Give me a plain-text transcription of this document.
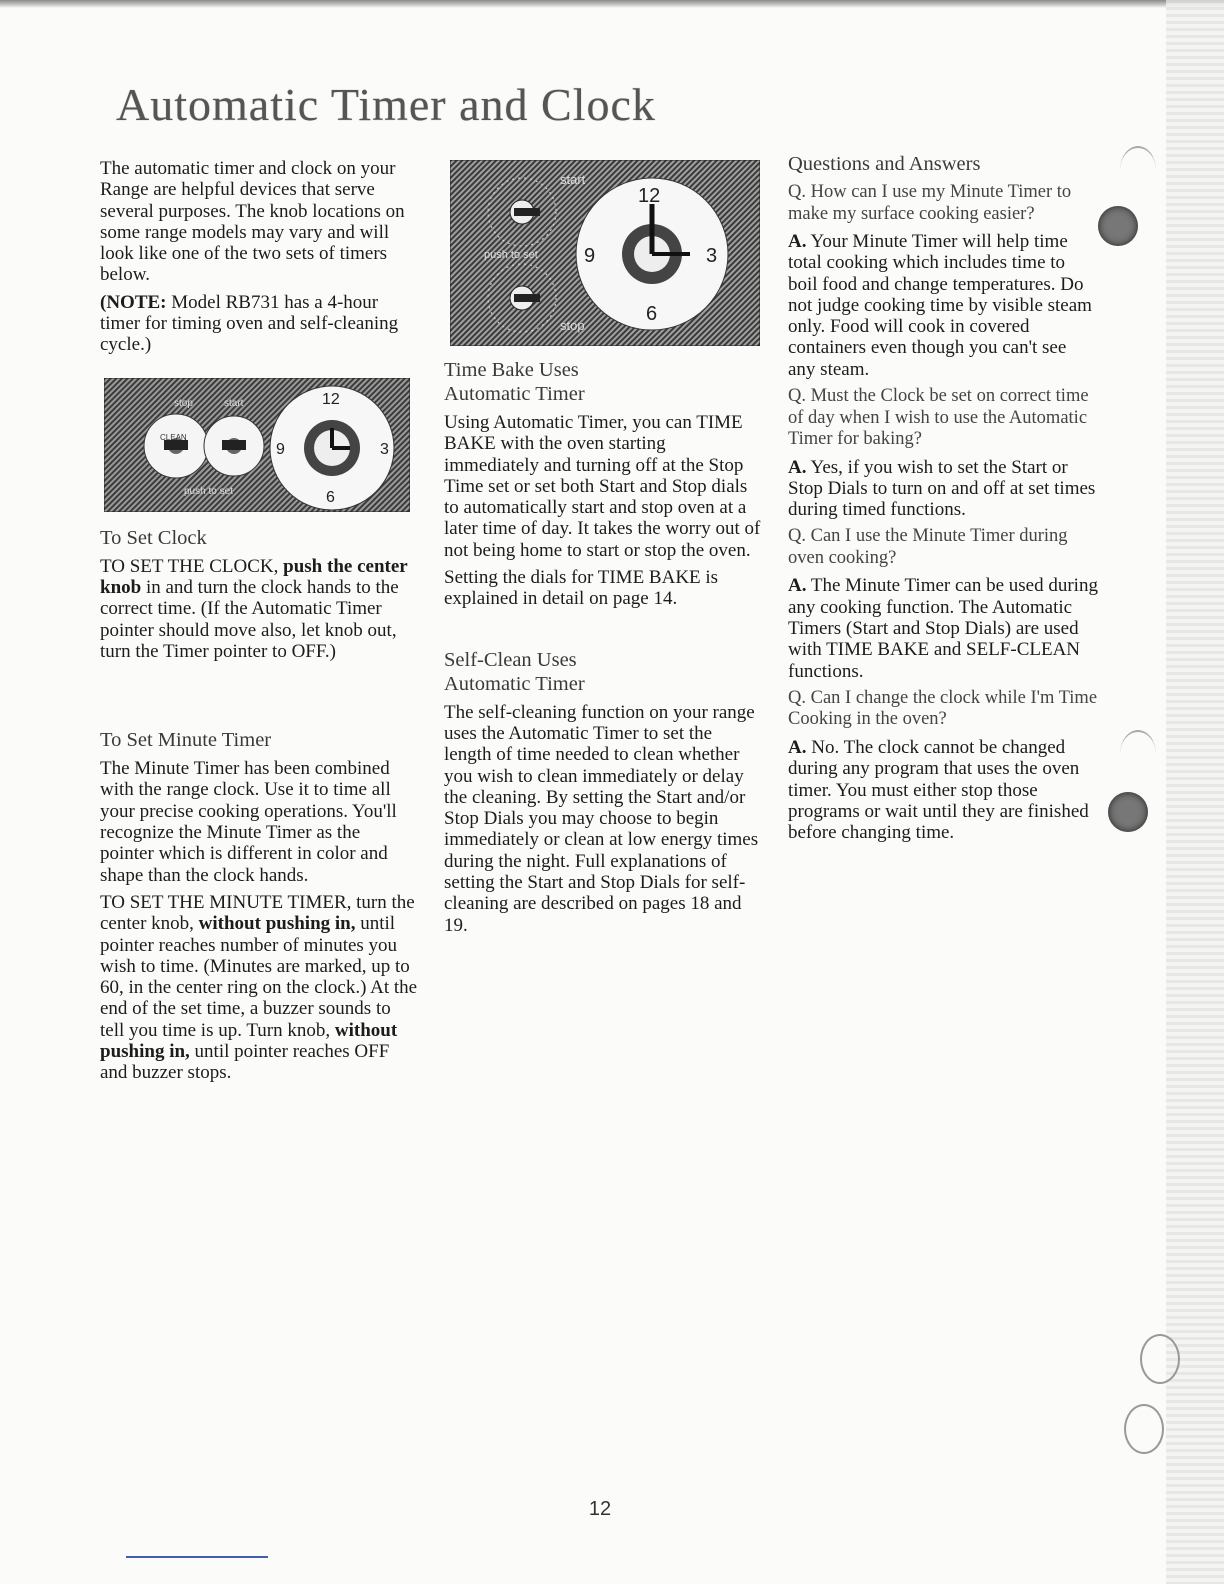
Automatic Timer and Clock

The automatic timer and clock on your Range are helpful devices that serve several purposes. The knob locations on some range models may vary and will look like one of the two sets of timers below.

(NOTE: Model RB731 has a 4-hour timer for timing oven and self-cleaning cycle.)

stop	start
push to set
CLEAN
12
3
6
9
To Set Clock

TO SET THE CLOCK, push the center knob in and turn the clock hands to the correct time. (If the Automatic Timer pointer should move also, let knob out, turn the Timer pointer to OFF.)

To Set Minute Timer

The Minute Timer has been combined with the range clock. Use it to time all your precise cooking operations. You'll recognize the Minute Timer as the pointer which is different in color and shape than the clock hands.

TO SET THE MINUTE TIMER, turn the center knob, without pushing in, until pointer reaches number of minutes you wish to time. (Minutes are marked, up to 60, in the center ring on the clock.) At the end of the set time, a buzzer sounds to tell you time is up. Turn knob, without pushing in, until pointer reaches OFF and buzzer stops.

start
push to set
stop
12
3
6
9
Time Bake Uses
Automatic Timer

Using Automatic Timer, you can TIME BAKE with the oven starting immediately and turning off at the Stop Time set or set both Start and Stop dials to automatically start and stop oven at a later time of day. It takes the worry out of not being home to start or stop the oven.

Setting the dials for TIME BAKE is explained in detail on page 14.

Self-Clean Uses
Automatic Timer

The self-cleaning function on your range uses the Automatic Timer to set the length of time needed to clean whether you wish to clean immediately or delay the cleaning. By setting the Start and/or Stop Dials you may choose to begin immediately or clean at low energy times during the night. Full explanations of setting the Start and Stop Dials for self-cleaning are described on pages 18 and 19.

Questions and Answers

Q. How can I use my Minute Timer to make my surface cooking easier?

A. Your Minute Timer will help time total cooking which includes time to boil food and change temperatures. Do not judge cooking time by visible steam only. Food will cook in covered containers even though you can't see any steam.

Q. Must the Clock be set on correct time of day when I wish to use the Automatic Timer for baking?

A. Yes, if you wish to set the Start or Stop Dials to turn on and off at set times during timed functions.

Q. Can I use the Minute Timer during oven cooking?

A. The Minute Timer can be used during any cooking function. The Automatic Timers (Start and Stop Dials) are used with TIME BAKE and SELF-CLEAN functions.

Q. Can I change the clock while I'm Time Cooking in the oven?

A. No. The clock cannot be changed during any program that uses the oven timer. You must either stop those programs or wait until they are finished before changing time.

12
